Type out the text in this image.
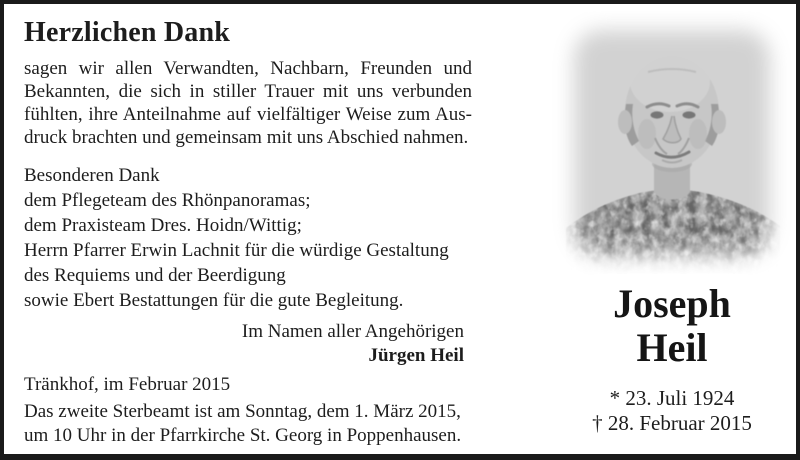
Herzlichen Dank
sagen wir allen Verwandten, Nachbarn, Freunden und
Bekannten, die sich in stiller Trauer mit uns verbunden
fühlten, ihre Anteilnahme auf vielfältiger Weise zum Aus-
druck brachten und gemeinsam mit uns Abschied nahmen.
Besonderen Dank
dem Pflegeteam des Rhönpanoramas;
dem Praxisteam Dres. Hoidn/Wittig;
Herrn Pfarrer Erwin Lachnit für die würdige Gestaltung
des Requiems und der Beerdigung
sowie Ebert Bestattungen für die gute Begleitung.
Im Namen aller Angehörigen
Jürgen Heil
Tränkhof, im Februar 2015
Das zweite Sterbeamt ist am Sonntag, dem 1. März 2015,
um 10 Uhr in der Pfarrkirche St. Georg in Poppenhausen.
Joseph
Heil
* 23. Juli 1924
† 28. Februar 2015
